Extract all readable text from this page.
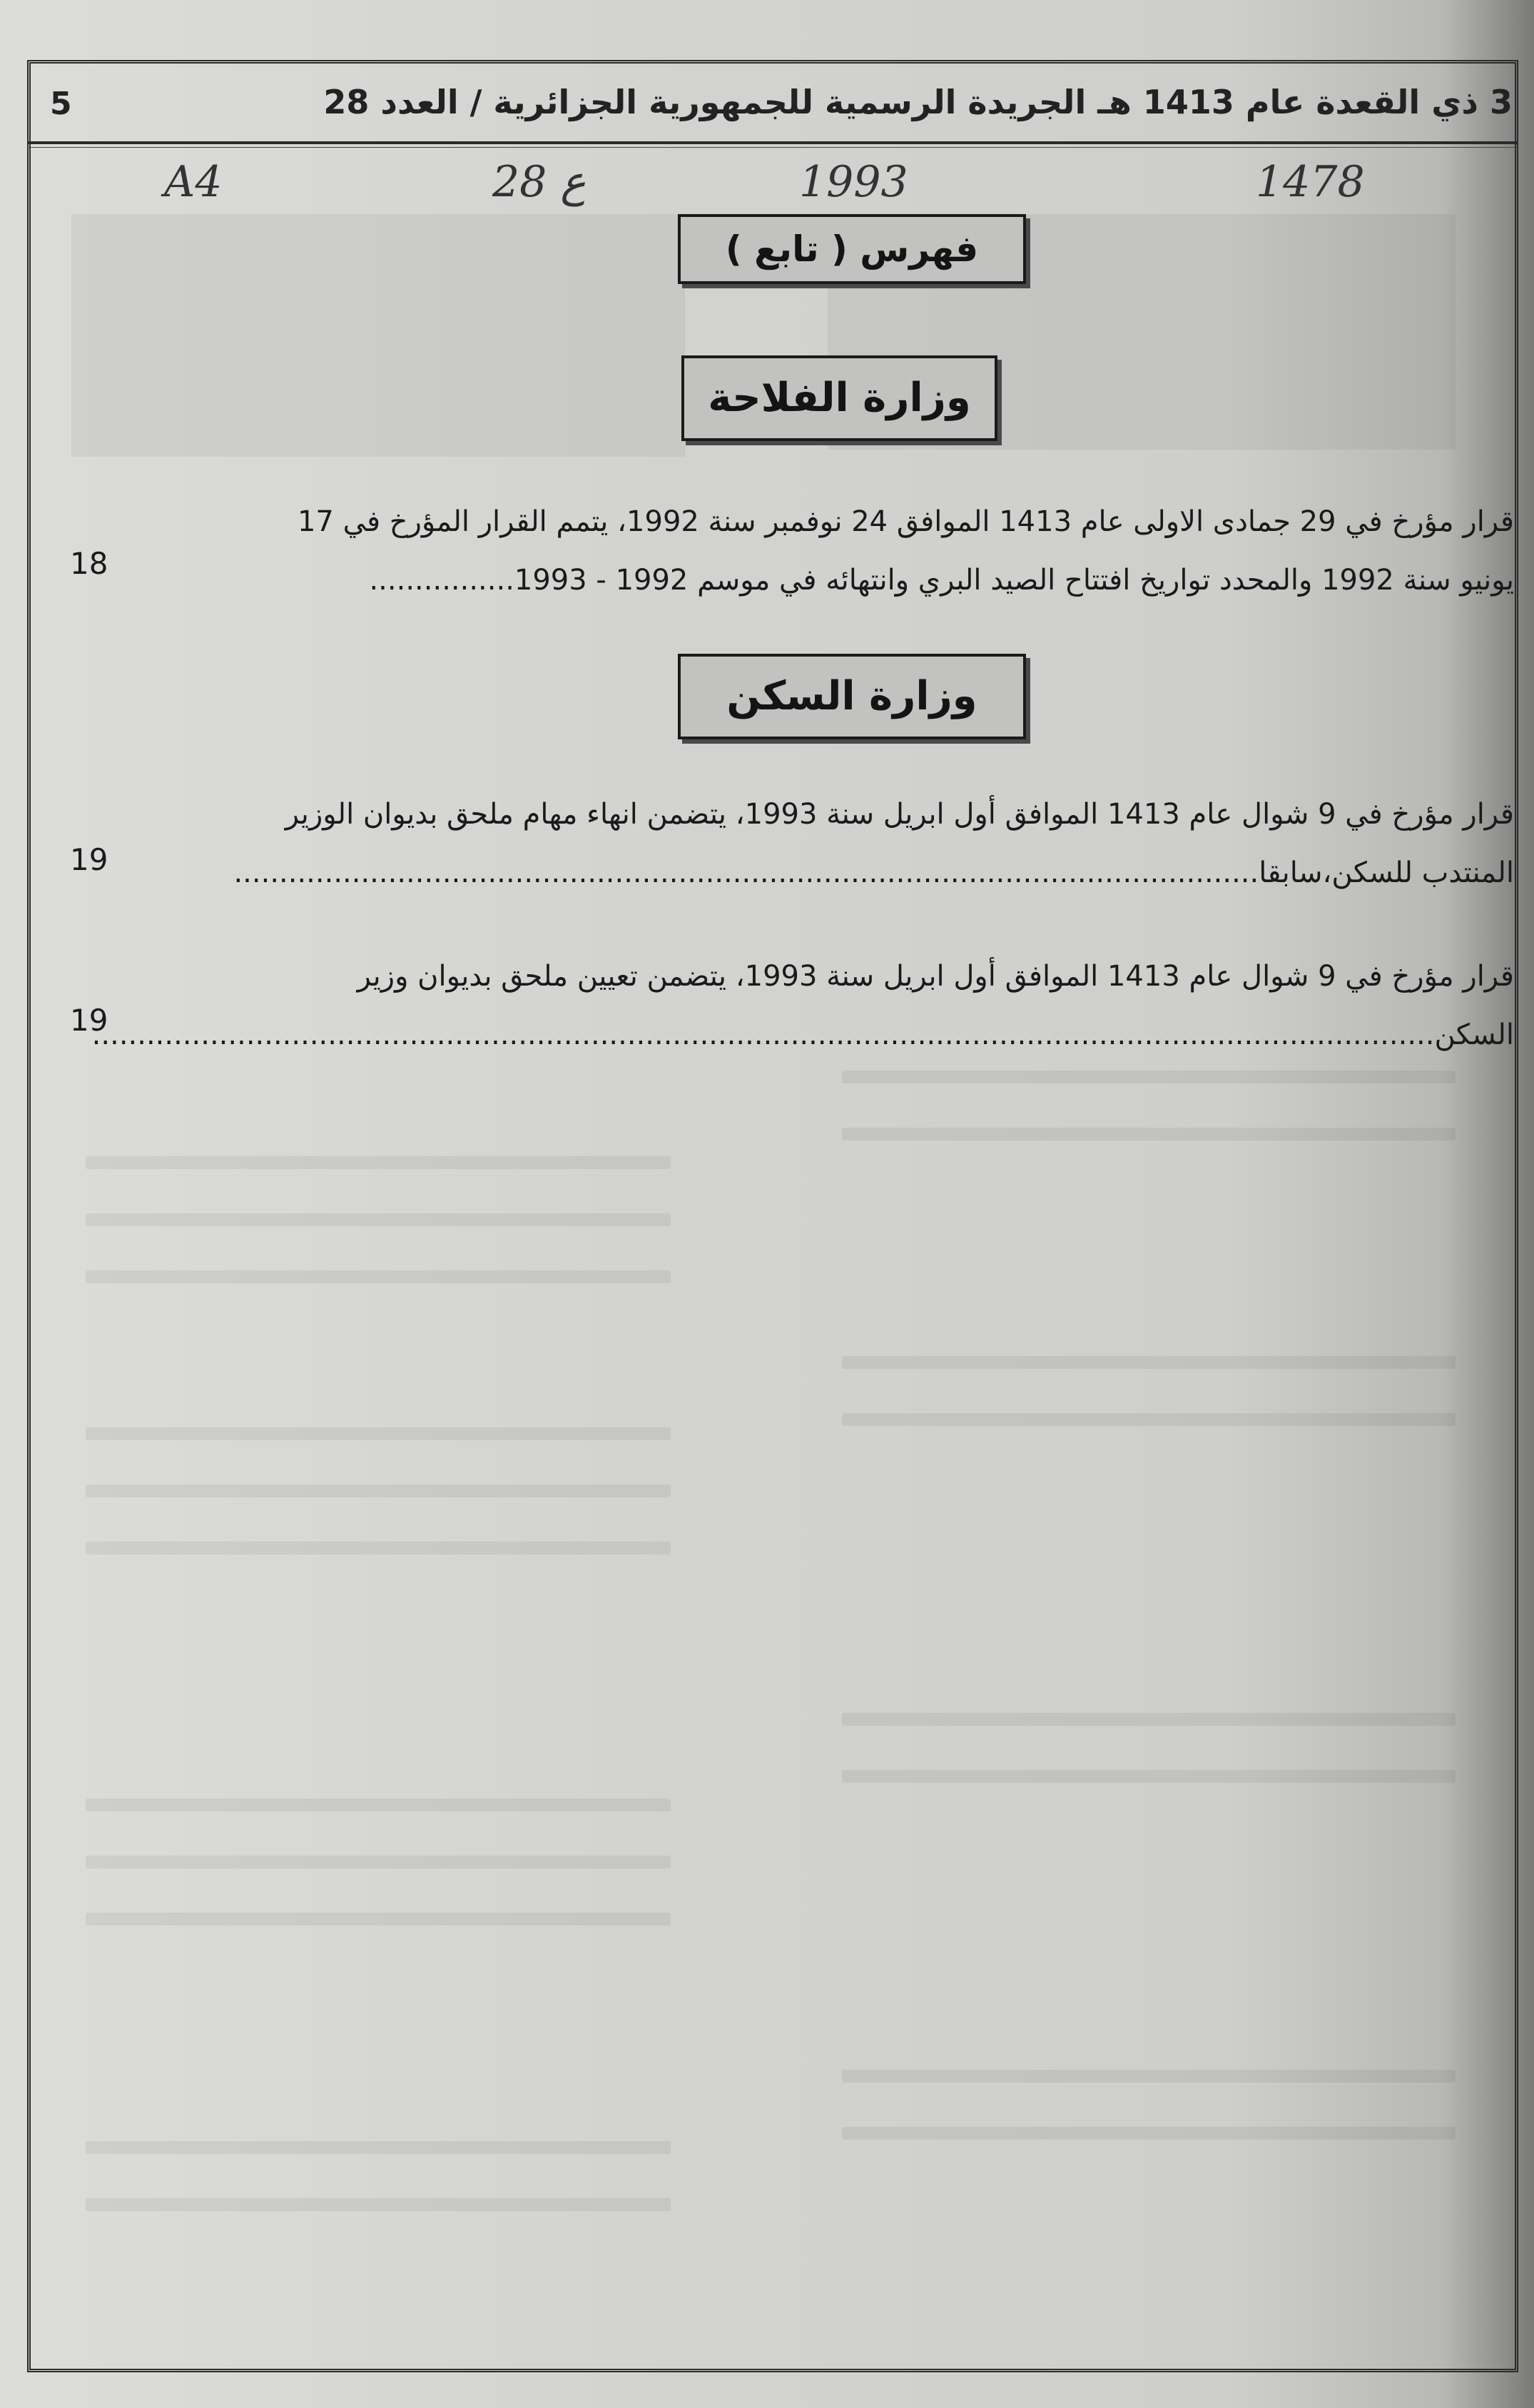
5	3 ذي القعدة عام 1413 هـ الجريدة الرسمية للجمهورية الجزائرية / العدد 28
A4	28 ع	1993	1478
فهرس ( تابع )
وزارة الفلاحة
قرار مؤرخ في 29 جمادى الاولى عام 1413 الموافق 24 نوفمبر سنة 1992، يتمم القرار المؤرخ في 17
يونيو سنة 1992 والمحدد تواريخ افتتاح الصيد البري وانتهائه في موسم 1992 - 1993................
18
وزارة السكن
قرار مؤرخ في 9 شوال عام 1413 الموافق أول ابريل سنة 1993، يتضمن انهاء مهام ملحق بديوان الوزير
المنتدب للسكن،سابقا.................................................................................................................
19
قرار مؤرخ في 9 شوال عام 1413 الموافق أول ابريل سنة 1993، يتضمن تعيين ملحق بديوان وزير
السكن....................................................................................................................................................
19
